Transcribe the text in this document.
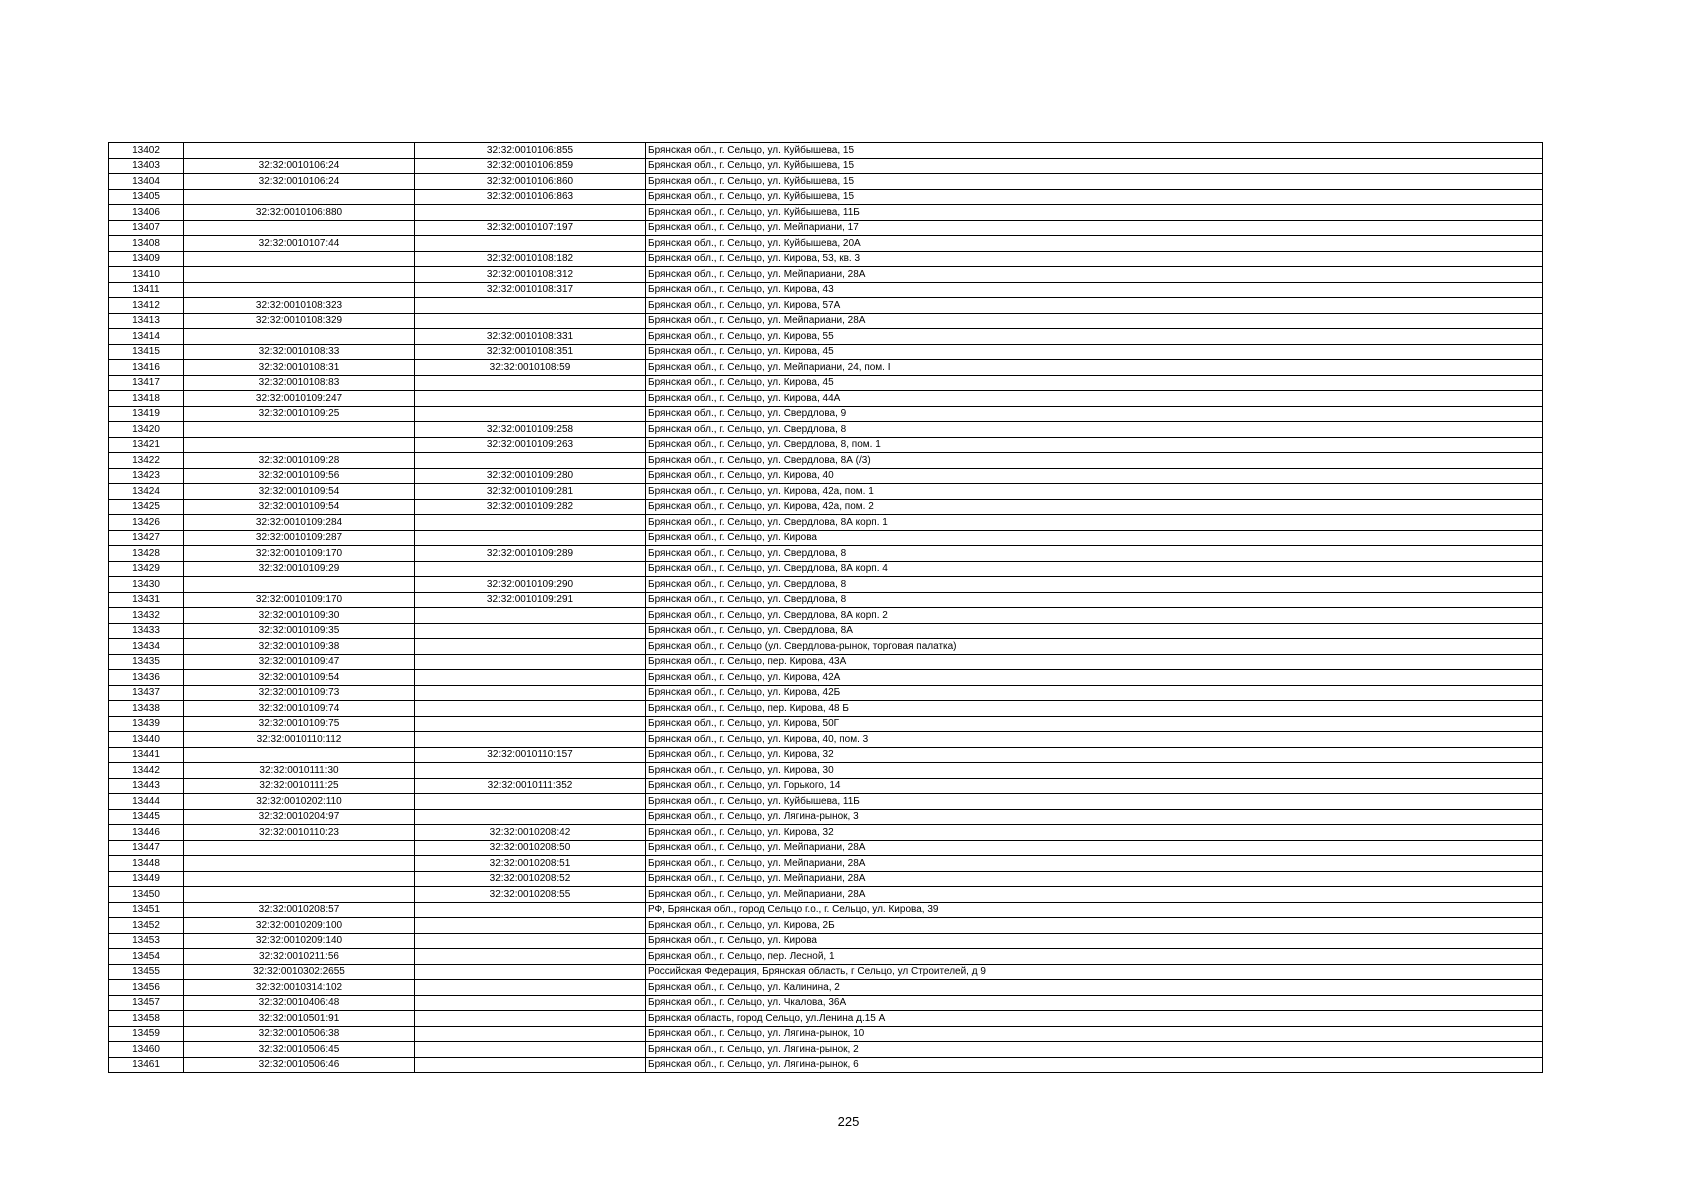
13402		32:32:0010106:855	Брянская обл., г. Сельцо, ул. Куйбышева, 15
13403	32:32:0010106:24	32:32:0010106:859	Брянская обл., г. Сельцо, ул. Куйбышева, 15
13404	32:32:0010106:24	32:32:0010106:860	Брянская обл., г. Сельцо, ул. Куйбышева, 15
13405		32:32:0010106:863	Брянская обл., г. Сельцо, ул. Куйбышева, 15
13406	32:32:0010106:880		Брянская обл., г. Сельцо, ул. Куйбышева, 11Б
13407		32:32:0010107:197	Брянская обл., г. Сельцо, ул. Мейпариани, 17
13408	32:32:0010107:44		Брянская обл., г. Сельцо, ул. Куйбышева, 20А
13409		32:32:0010108:182	Брянская обл., г. Сельцо, ул. Кирова, 53, кв. 3
13410		32:32:0010108:312	Брянская обл., г. Сельцо, ул. Мейпариани, 28А
13411		32:32:0010108:317	Брянская обл., г. Сельцо, ул. Кирова, 43
13412	32:32:0010108:323		Брянская обл., г. Сельцо, ул. Кирова, 57А
13413	32:32:0010108:329		Брянская обл., г. Сельцо, ул. Мейпариани, 28А
13414		32:32:0010108:331	Брянская обл., г. Сельцо, ул. Кирова, 55
13415	32:32:0010108:33	32:32:0010108:351	Брянская обл., г. Сельцо, ул. Кирова, 45
13416	32:32:0010108:31	32:32:0010108:59	Брянская обл., г. Сельцо, ул. Мейпариани, 24, пом. I
13417	32:32:0010108:83		Брянская обл., г. Сельцо, ул. Кирова, 45
13418	32:32:0010109:247		Брянская обл., г. Сельцо, ул. Кирова, 44А
13419	32:32:0010109:25		Брянская обл., г. Сельцо, ул. Свердлова, 9
13420		32:32:0010109:258	Брянская обл., г. Сельцо, ул. Свердлова, 8
13421		32:32:0010109:263	Брянская обл., г. Сельцо, ул. Свердлова, 8, пом. 1
13422	32:32:0010109:28		Брянская обл., г. Сельцо, ул. Свердлова, 8А (/3)
13423	32:32:0010109:56	32:32:0010109:280	Брянская обл., г. Сельцо, ул. Кирова, 40
13424	32:32:0010109:54	32:32:0010109:281	Брянская обл., г. Сельцо, ул. Кирова, 42а, пом. 1
13425	32:32:0010109:54	32:32:0010109:282	Брянская обл., г. Сельцо, ул. Кирова, 42а, пом. 2
13426	32:32:0010109:284		Брянская обл., г. Сельцо, ул. Свердлова, 8А корп. 1
13427	32:32:0010109:287		Брянская обл., г. Сельцо, ул. Кирова
13428	32:32:0010109:170	32:32:0010109:289	Брянская обл., г. Сельцо, ул. Свердлова, 8
13429	32:32:0010109:29		Брянская обл., г. Сельцо, ул. Свердлова, 8А корп. 4
13430		32:32:0010109:290	Брянская обл., г. Сельцо, ул. Свердлова, 8
13431	32:32:0010109:170	32:32:0010109:291	Брянская обл., г. Сельцо, ул. Свердлова, 8
13432	32:32:0010109:30		Брянская обл., г. Сельцо, ул. Свердлова, 8А корп. 2
13433	32:32:0010109:35		Брянская обл., г. Сельцо, ул. Свердлова, 8А
13434	32:32:0010109:38		Брянская обл., г. Сельцо (ул. Свердлова-рынок, торговая палатка)
13435	32:32:0010109:47		Брянская обл., г. Сельцо, пер. Кирова, 43А
13436	32:32:0010109:54		Брянская обл., г. Сельцо, ул. Кирова, 42А
13437	32:32:0010109:73		Брянская обл., г. Сельцо, ул. Кирова, 42Б
13438	32:32:0010109:74		Брянская обл., г. Сельцо, пер. Кирова, 48 Б
13439	32:32:0010109:75		Брянская обл., г. Сельцо, ул. Кирова, 50Г
13440	32:32:0010110:112		Брянская обл., г. Сельцо, ул. Кирова, 40, пом. 3
13441		32:32:0010110:157	Брянская обл., г. Сельцо, ул. Кирова, 32
13442	32:32:0010111:30		Брянская обл., г. Сельцо, ул. Кирова, 30
13443	32:32:0010111:25	32:32:0010111:352	Брянская обл., г. Сельцо, ул. Горького, 14
13444	32:32:0010202:110		Брянская обл., г. Сельцо, ул. Куйбышева, 11Б
13445	32:32:0010204:97		Брянская обл., г. Сельцо, ул. Лягина-рынок, 3
13446	32:32:0010110:23	32:32:0010208:42	Брянская обл., г. Сельцо, ул. Кирова, 32
13447		32:32:0010208:50	Брянская обл., г. Сельцо, ул. Мейпариани, 28А
13448		32:32:0010208:51	Брянская обл., г. Сельцо, ул. Мейпариани, 28А
13449		32:32:0010208:52	Брянская обл., г. Сельцо, ул. Мейпариани, 28А
13450		32:32:0010208:55	Брянская обл., г. Сельцо, ул. Мейпариани, 28А
13451	32:32:0010208:57		РФ, Брянская обл., город Сельцо г.о., г. Сельцо, ул. Кирова, 39
13452	32:32:0010209:100		Брянская обл., г. Сельцо, ул. Кирова, 2Б
13453	32:32:0010209:140		Брянская обл., г. Сельцо, ул. Кирова
13454	32:32:0010211:56		Брянская обл., г. Сельцо, пер. Лесной, 1
13455	32:32:0010302:2655		Российская Федерация, Брянская область, г Сельцо, ул Строителей, д 9
13456	32:32:0010314:102		Брянская обл., г. Сельцо, ул. Калинина, 2
13457	32:32:0010406:48		Брянская обл., г. Сельцо, ул. Чкалова, 36А
13458	32:32:0010501:91		Брянская область, город Сельцо, ул.Ленина д.15 А
13459	32:32:0010506:38		Брянская обл., г. Сельцо, ул. Лягина-рынок, 10
13460	32:32:0010506:45		Брянская обл., г. Сельцо, ул. Лягина-рынок, 2
13461	32:32:0010506:46		Брянская обл., г. Сельцо, ул. Лягина-рынок, 6
225
